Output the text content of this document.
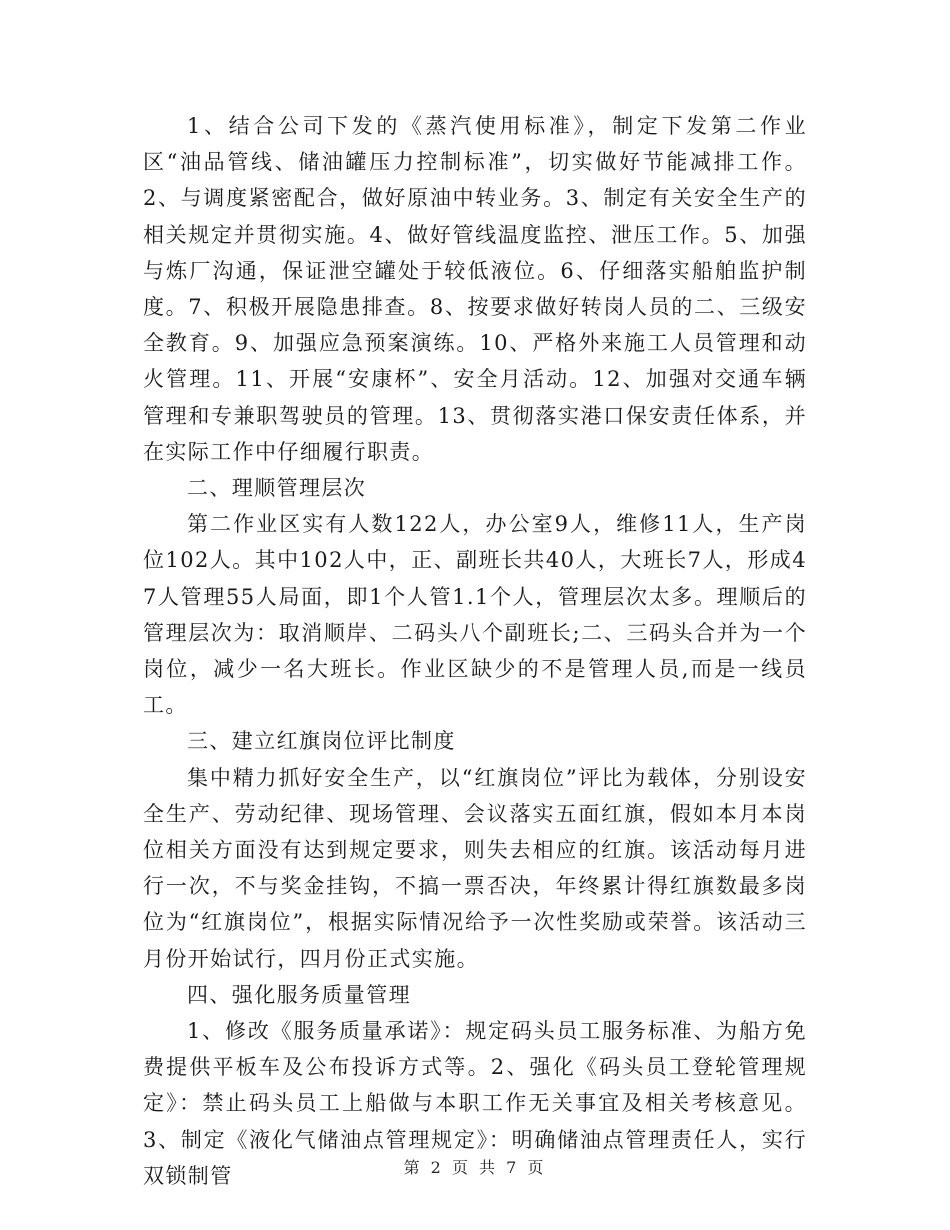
1、结合公司下发的《蒸汽使用标准》，制定下发第二作业区“油品管线、储油罐压力控制标准”，切实做好节能减排工作。2、与调度紧密配合，做好原油中转业务。3、制定有关安全生产的相关规定并贯彻实施。4、做好管线温度监控、泄压工作。5、加强与炼厂沟通，保证泄空罐处于较低液位。6、仔细落实船舶监护制度。7、积极开展隐患排查。8、按要求做好转岗人员的二、三级安全教育。9、加强应急预案演练。10、严格外来施工人员管理和动火管理。11、开展“安康杯”、安全月活动。12、加强对交通车辆管理和专兼职驾驶员的管理。13、贯彻落实港口保安责任体系，并在实际工作中仔细履行职责。

二、理顺管理层次

第二作业区实有人数122人，办公室9人，维修11人，生产岗位102人。其中102人中，正、副班长共40人，大班长7人，形成47人管理55人局面，即1个人管1.1个人，管理层次太多。理顺后的管理层次为：取消顺岸、二码头八个副班长;二、三码头合并为一个岗位，减少一名大班长。作业区缺少的不是管理人员,而是一线员工。

三、建立红旗岗位评比制度

集中精力抓好安全生产，以“红旗岗位”评比为载体，分别设安全生产、劳动纪律、现场管理、会议落实五面红旗，假如本月本岗位相关方面没有达到规定要求，则失去相应的红旗。该活动每月进行一次，不与奖金挂钩，不搞一票否决，年终累计得红旗数最多岗位为“红旗岗位”，根据实际情况给予一次性奖励或荣誉。该活动三月份开始试行，四月份正式实施。

四、强化服务质量管理

1、修改《服务质量承诺》：规定码头员工服务标准、为船方免费提供平板车及公布投诉方式等。2、强化《码头员工登轮管理规定》：禁止码头员工上船做与本职工作无关事宜及相关考核意见。3、制定《液化气储油点管理规定》：明确储油点管理责任人，实行双锁制管	第 2 页 共 7 页
